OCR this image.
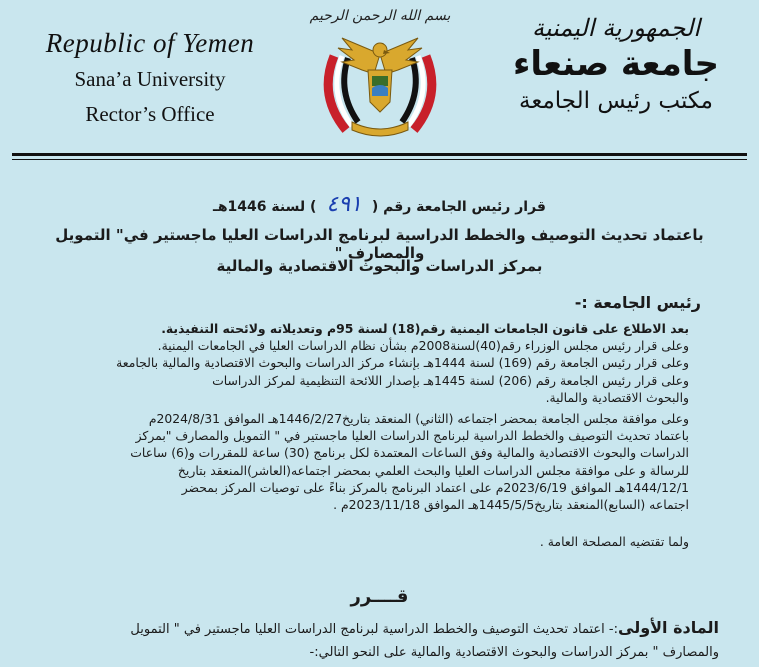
Republic of Yemen
Sana’a University
Rector’s Office
بسم الله الرحمن الرحيم	الجمهورية اليمنية
جامعة صنعاء
مكتب رئيس الجامعة
قرار رئيس الجامعة رقم (٤٩١) لسنة 1446هـ
باعتماد تحديث التوصيف والخطط الدراسية لبرنامج الدراسات العليا ماجستير في" التمويل والمصارف "
بمركز الدراسات والبحوث الاقتصادية والمالية
رئيس الجامعة :-
بعد الاطلاع على قانون الجامعات اليمنية رقم(18) لسنة 95م وتعديلاته ولائحته التنفيذية.
وعلى قرار رئيس مجلس الوزراء رقم(40)لسنة2008م بشأن نظام الدراسات العليا في الجامعات اليمنية.
وعلى قرار رئيس الجامعة رقم (169) لسنة 1444هـ بإنشاء مركز الدراسات والبحوث الاقتصادية والمالية بالجامعة
وعلى قرار رئيس الجامعة رقم (206) لسنة 1445هـ بإصدار اللائحة التنظيمية لمركز الدراسات
والبحوث الاقتصادية والمالية.
وعلى موافقة مجلس الجامعة بمحضر اجتماعه (الثاني) المنعقد بتاريخ1446/2/27هـ الموافق 2024/8/31م
باعتماد تحديث التوصيف والخطط الدراسية لبرنامج الدراسات العليا ماجستير في " التمويل والمصارف "بمركز
الدراسات والبحوث الاقتصادية والمالية وفق الساعات المعتمدة لكل برنامج (30) ساعة للمقررات و(6) ساعات
للرسالة و على موافقة مجلس الدراسات العليا والبحث العلمي بمحضر اجتماعه(العاشر)المنعقد بتاريخ
1444/12/1هـ الموافق 2023/6/19م على اعتماد البرنامج بالمركز بناءً على توصيات المركز بمحضر
اجتماعه (السابع)المنعقد بتاريخ1445/5/5هـ الموافق 2023/11/18م .
ولما تقتضيه المصلحة العامة .
قــــرر
المادة الأولى:- اعتماد تحديث التوصيف والخطط الدراسية لبرنامج الدراسات العليا ماجستير في " التمويل
والمصارف " بمركز الدراسات والبحوث الاقتصادية والمالية على النحو التالي:-
